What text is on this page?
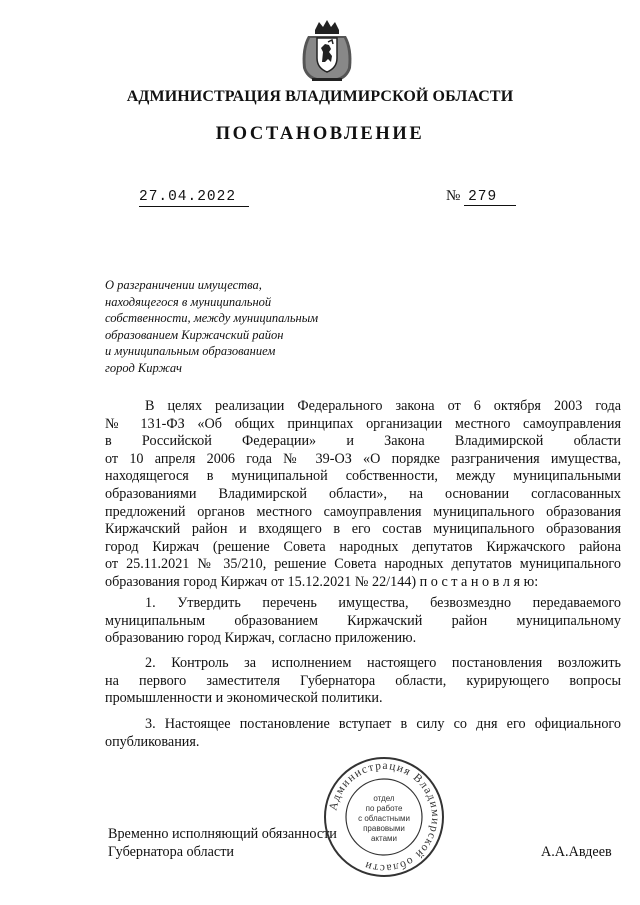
АДМИНИСТРАЦИЯ ВЛАДИМИРСКОЙ ОБЛАСТИ
ПОСТАНОВЛЕНИЕ
27.04.2022	№ 279
О разграничении имущества,
находящегося в муниципальной
собственности, между муниципальным
образованием Киржачский район
и муниципальным образованием
город Киржач
В целях реализации Федерального закона от 6 октября 2003 года
№ 131-ФЗ «Об общих принципах организации местного самоуправления
в Российской Федерации» и Закона Владимирской области
от 10 апреля 2006 года № 39-ОЗ «О порядке разграничения имущества,
находящегося в муниципальной собственности, между муниципальными
образованиями Владимирской области», на основании согласованных
предложений органов местного самоуправления муниципального образования
Киржачский район и входящего в его состав муниципального образования
город Киржач (решение Совета народных депутатов Киржачского района
от 25.11.2021 № 35/210, решение Совета народных депутатов муниципального
образования город Киржач от 15.12.2021 № 22/144) п о с т а н о в л я ю:
1. Утвердить перечень имущества, безвозмездно передаваемого
муниципальным образованием Киржачский район муниципальному
образованию город Киржач, согласно приложению.
2. Контроль за исполнением настоящего постановления возложить
на первого заместителя Губернатора области, курирующего вопросы
промышленности и экономической политики.
3. Настоящее постановление вступает в силу со дня его официального
опубликования.
Временно исполняющий обязанности
Губернатора области	А.А.Авдеев
Администрация Владимирской области
отдел
по работе
с областными
правовыми
актами
